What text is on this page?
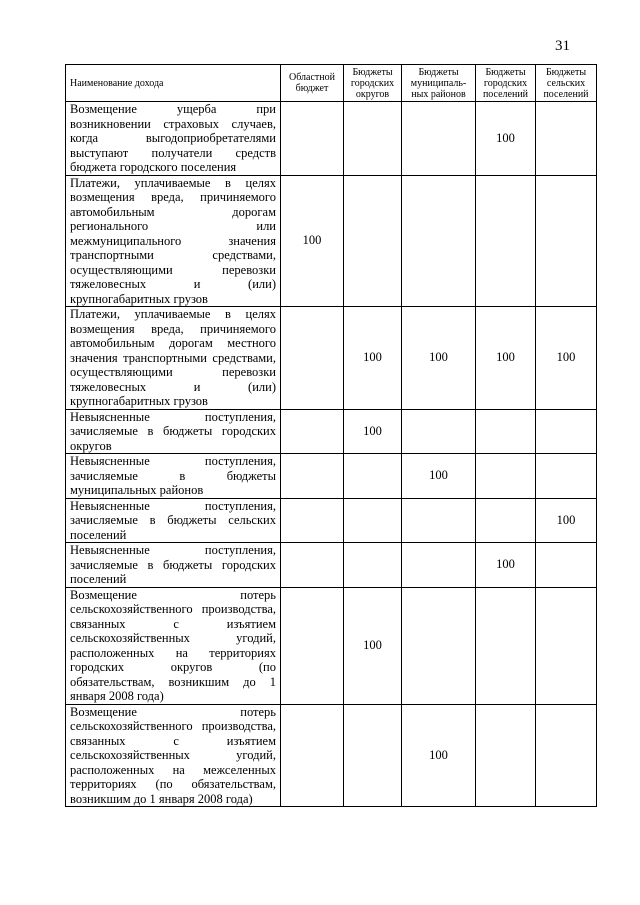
31
Наименование дохода	Областной бюджет	Бюджеты городских округов	Бюджеты муниципаль-ных районов	Бюджеты городских поселений	Бюджеты сельских поселений
Возмещение ущерба при возникновении страховых случаев, когда выгодоприобретателями выступают получатели средств бюджета городского поселения				100	
Платежи, уплачиваемые в целях возмещения вреда, причиняемого автомобильным дорогам регионального или межмуниципального значения транспортными средствами, осуществляющими перевозки тяжеловесных и (или) крупногабаритных грузов	100				
Платежи, уплачиваемые в целях возмещения вреда, причиняемого автомобильным дорогам местного значения транспортными средствами, осуществляющими перевозки тяжеловесных и (или) крупногабаритных грузов		100	100	100	100
Невыясненные поступления, зачисляемые в бюджеты городских округов		100			
Невыясненные поступления, зачисляемые в бюджеты муниципальных районов			100		
Невыясненные поступления, зачисляемые в бюджеты сельских поселений					100
Невыясненные поступления, зачисляемые в бюджеты городских поселений				100	
Возмещение потерь сельскохозяйственного производства, связанных с изъятием сельскохозяйственных угодий, расположенных на территориях городских округов (по обязательствам, возникшим до 1 января 2008 года)		100			
Возмещение потерь сельскохозяйственного производства, связанных с изъятием сельскохозяйственных угодий, расположенных на межселенных территориях (по обязательствам, возникшим до 1 января 2008 года)			100		
